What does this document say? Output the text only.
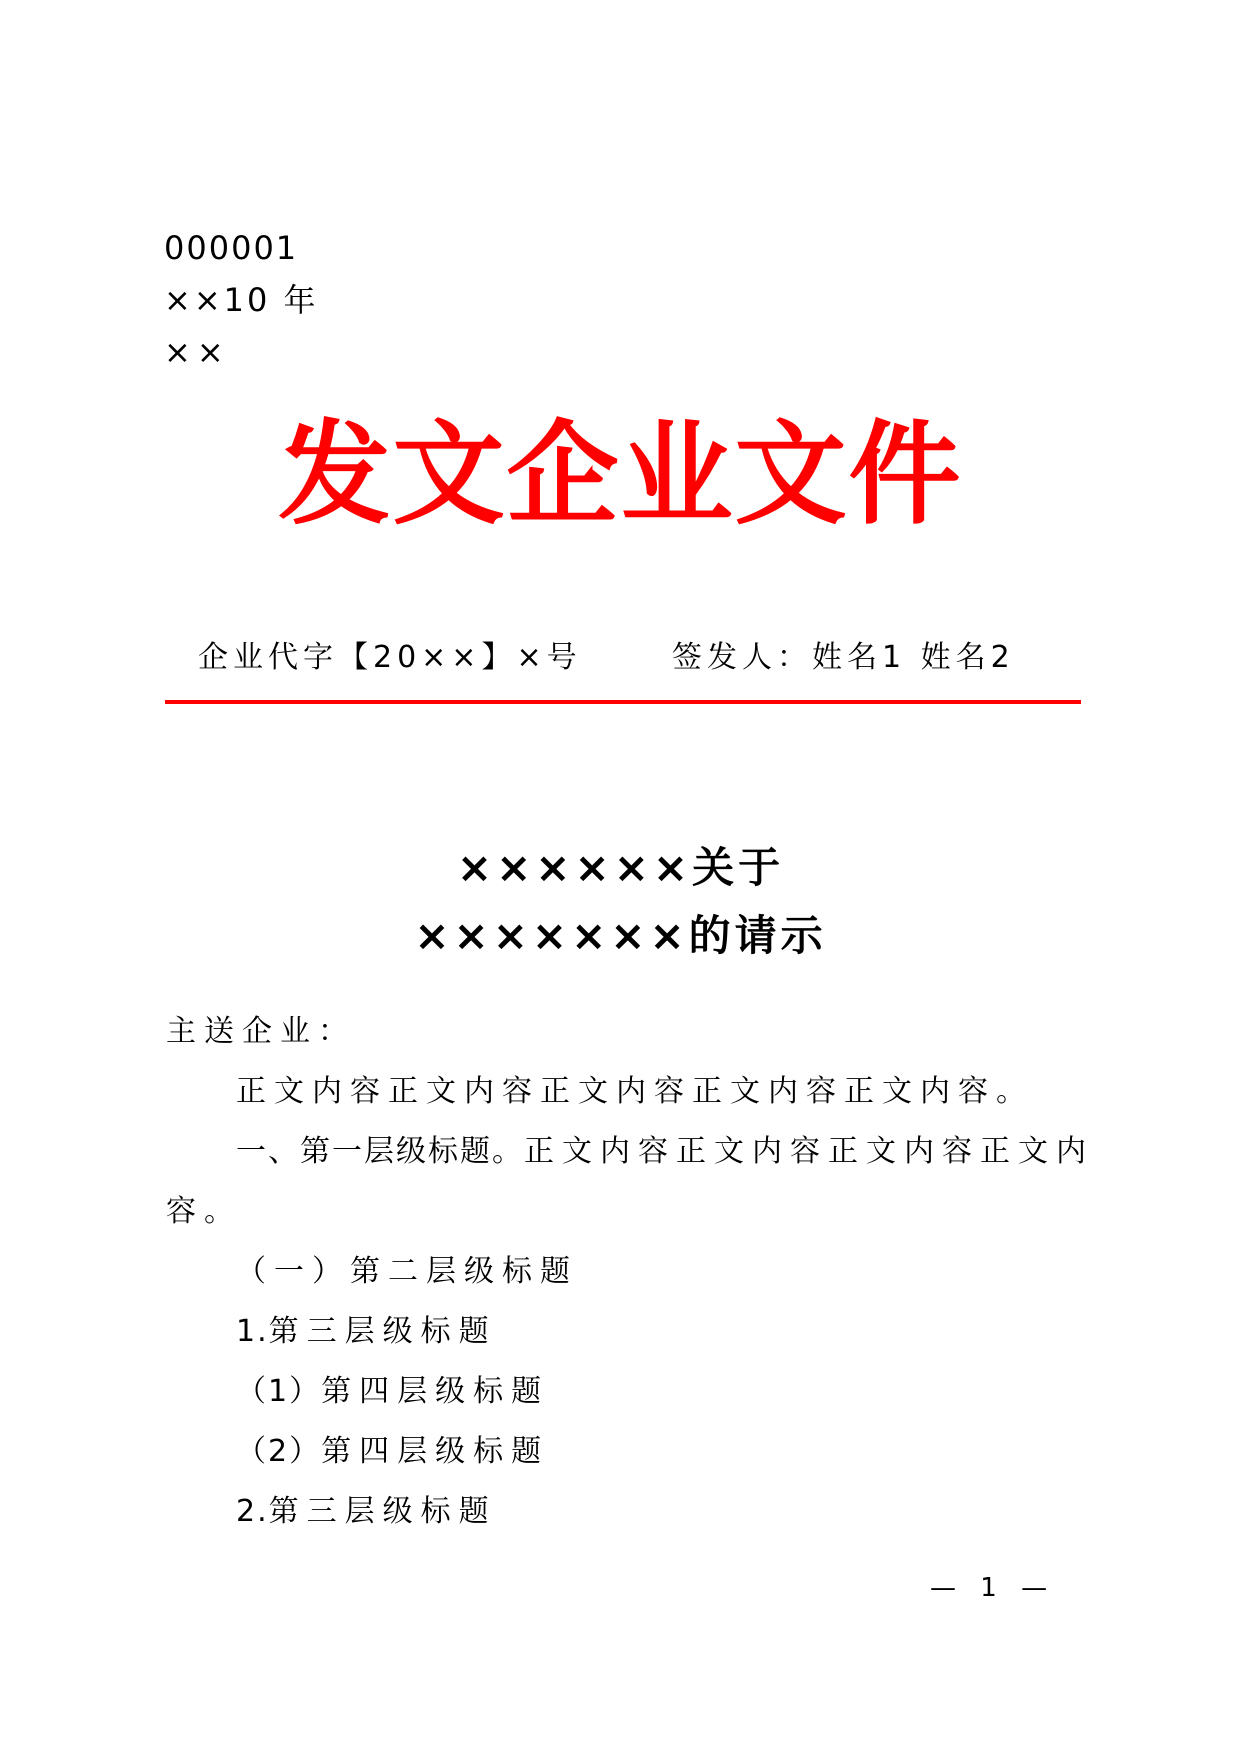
000001
××10 年
××
发文企业文件
企业代字【20××】×号	签发人：姓名1 姓名2
××××××关于
×××××××的请示
主送企业：
正文内容正文内容正文内容正文内容正文内容。
一、第一层级标题。正文内容正文内容正文内容正文内
容。
（一）第二层级标题
1.第三层级标题
（1）第四层级标题
（2）第四层级标题
2.第三层级标题
— 1 —
